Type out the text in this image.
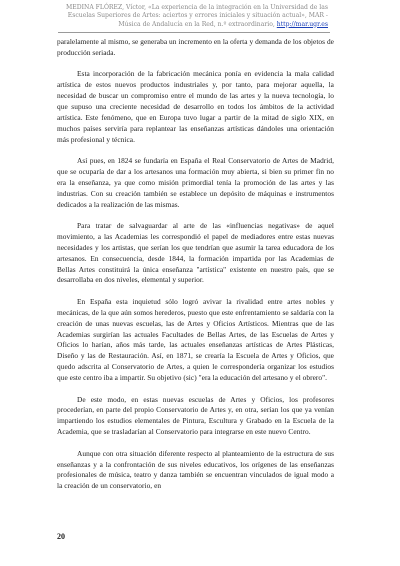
MEDINA FLÓREZ, Víctor, «La experiencia de la integración en la Universidad de las Escuelas Superiores de Artes: aciertos y errores iniciales y situación actual», MAR - Música de Andalucía en la Red, n.º extraordinario, http://mar.ugr.es

paralelamente al mismo, se generaba un incremento en la oferta y demanda de los objetos de producción seriada.

Esta incorporación de la fabricación mecánica ponía en evidencia la mala calidad artística de estos nuevos productos industriales y, por tanto, para mejorar aquella, la necesidad de buscar un compromiso entre el mundo de las artes y la nueva tecnología, lo que supuso una creciente necesidad de desarrollo en todos los ámbitos de la actividad artística. Este fenómeno, que en Europa tuvo lugar a partir de la mitad de siglo XIX, en muchos países serviría para replantear las enseñanzas artísticas dándoles una orientación más profesional y técnica.

Así pues, en 1824 se fundaría en España el Real Conservatorio de Artes de Madrid, que se ocuparía de dar a los artesanos una formación muy abierta, si bien su primer fin no era la enseñanza, ya que como misión primordial tenía la promoción de las artes y las industrias. Con su creación también se establece un depósito de máquinas e instrumentos dedicados a la realización de las mismas.

Para tratar de salvaguardar al arte de las «influencias negativas» de aquel movimiento, a las Academias les correspondió el papel de mediadores entre estas nuevas necesidades y los artistas, que serían los que tendrían que asumir la tarea educadora de los artesanos. En consecuencia, desde 1844, la formación impartida por las Academias de Bellas Artes constituirá la única enseñanza "artística" existente en nuestro país, que se desarrollaba en dos niveles, elemental y superior.

En España esta inquietud sólo logró avivar la rivalidad entre artes nobles y mecánicas, de la que aún somos herederos, puesto que este enfrentamiento se saldaría con la creación de unas nuevas escuelas, las de Artes y Oficios Artísticos. Mientras que de las Academias surgirían las actuales Facultades de Bellas Artes, de las Escuelas de Artes y Oficios lo harían, años más tarde, las actuales enseñanzas artísticas de Artes Plásticas, Diseño y las de Restauración. Así, en 1871, se crearía la Escuela de Artes y Oficios, que quedo adscrita al Conservatorio de Artes, a quien le correspondería organizar los estudios que este centro iba a impartir. Su objetivo (sic) "era la educación del artesano y el obrero".

De este modo, en estas nuevas escuelas de Artes y Oficios, los profesores procederían, en parte del propio Conservatorio de Artes y, en otra, serían los que ya venían impartiendo los estudios elementales de Pintura, Escultura y Grabado en la Escuela de la Academia, que se trasladarían al Conservatorio para integrarse en este nuevo Centro.

Aunque con otra situación diferente respecto al planteamiento de la estructura de sus enseñanzas y a la confrontación de sus niveles educativos, los orígenes de las enseñanzas profesionales de música, teatro y danza también se encuentran vinculados de igual modo a la creación de un conservatorio, en

20
